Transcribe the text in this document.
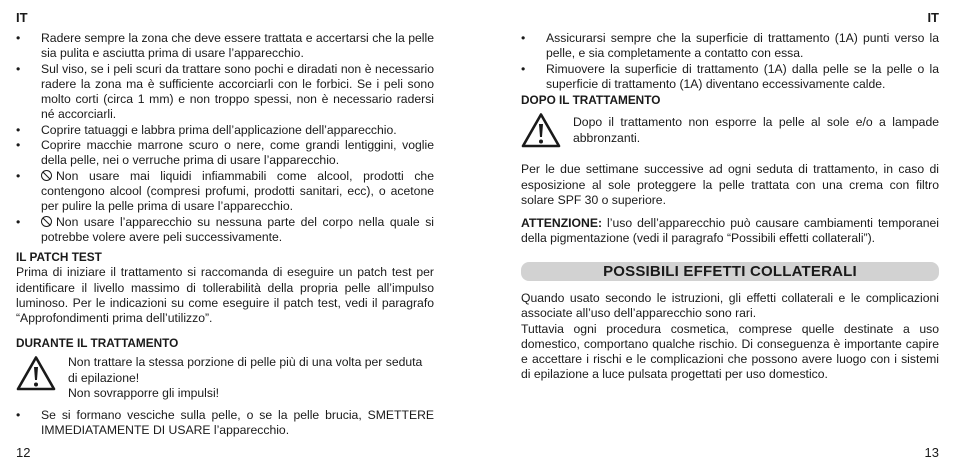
IT
• Radere sempre la zona che deve essere trattata e accertarsi che la pelle sia pulita e asciutta prima di usare l’apparecchio.
• Sul viso, se i peli scuri da trattare sono pochi e diradati non è necessario radere la zona ma è sufficiente accorciarli con le forbici. Se i peli sono molto corti (circa 1 mm) e non troppo spessi, non è necessario radersi né accorciarli.
• Coprire tatuaggi e labbra prima dell’applicazione dell’apparecchio.
• Coprire macchie marrone scuro o nere, come grandi lentiggini, voglie della pelle, nei o verruche prima di usare l’apparecchio.
•	Non usare mai liquidi infiammabili come alcool, prodotti che contengono alcool (compresi profumi, prodotti sanitari, ecc), o acetone per pulire la pelle prima di usare l’apparecchio.
•	Non usare l’apparecchio su nessuna parte del corpo nella quale si potrebbe volere avere peli successivamente.
IL PATCH TEST

Prima di iniziare il trattamento si raccomanda di eseguire un patch test per identificare il livello massimo di tollerabilità della propria pelle all’impulso luminoso. Per le indicazioni su come eseguire il patch test, vedi il paragrafo “Approfondimenti prima dell’utilizzo”.

DURANTE IL TRATTAMENTO
Non trattare la stessa porzione di pelle più di una volta per seduta di epilazione!
Non sovrapporre gli impulsi!
• Se si formano vesciche sulla pelle, o se la pelle brucia, SMETTERE IMMEDIATAMENTE DI USARE l’apparecchio.
12
IT
• Assicurarsi sempre che la superficie di trattamento (1A) punti verso la pelle, e sia completamente a contatto con essa.
• Rimuovere la superficie di trattamento (1A) dalla pelle se la pelle o la superficie di trattamento (1A) diventano eccessivamente calde.
DOPO IL TRATTAMENTO
Dopo il trattamento non esporre la pelle al sole e/o a lampade abbronzanti.

Per le due settimane successive ad ogni seduta di trattamento, in caso di esposizione al sole proteggere la pelle trattata con una crema con filtro solare SPF 30 o superiore.

ATTENZIONE: l’uso dell’apparecchio può causare cambiamenti temporanei della pigmentazione (vedi il paragrafo “Possibili effetti collaterali”).

POSSIBILI EFFETTI COLLATERALI

Quando usato secondo le istruzioni, gli effetti collaterali e le complicazioni associate all’uso dell’apparecchio sono rari.

Tuttavia ogni procedura cosmetica, comprese quelle destinate a uso domestico, comportano qualche rischio. Di conseguenza è importante capire e accettare i rischi e le complicazioni che possono avere luogo con i sistemi di epilazione a luce pulsata progettati per uso domestico.

13
